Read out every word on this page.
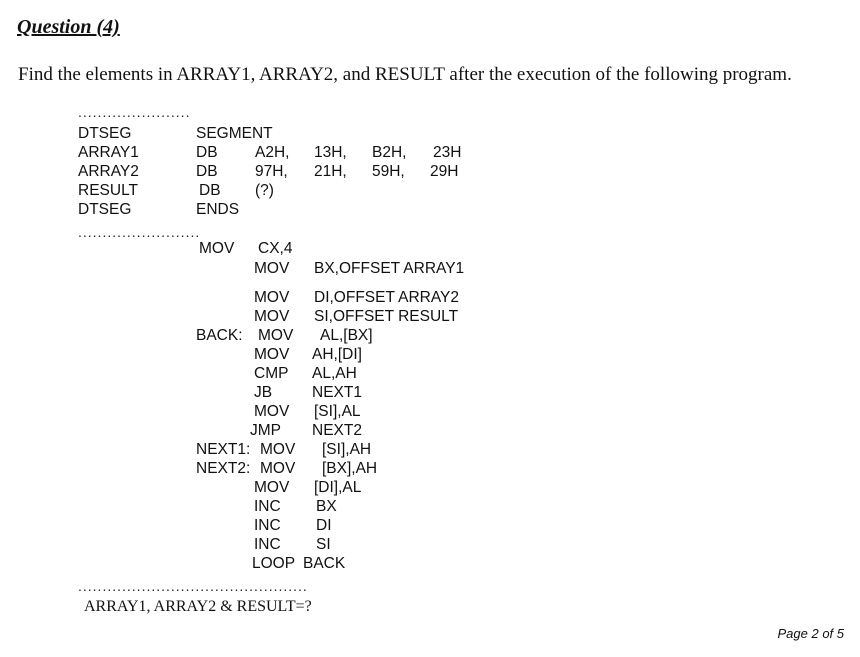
Question (4)
Find the elements in ARRAY1, ARRAY2, and RESULT after the execution of the following program.
.......................
DTSEG	SEGMENT
ARRAY1	DB A2H, 13H, B2H, 23H
ARRAY2	DB 97H, 21H, 59H, 29H
RESULT	DB (?)
DTSEG	ENDS
.........................
MOV CX,4
MOV BX,OFFSET ARRAY1
MOV DI,OFFSET ARRAY2
MOV SI,OFFSET RESULT
BACK: MOV AL,[BX]
MOV AH,[DI]
CMP AL,AH
JB	NEXT1
MOV [SI],AL
JMP NEXT2
NEXT1: MOV [SI],AH
NEXT2: MOV [BX],AH
MOV [DI],AL
INC BX
INC DI
INC SI
LOOP BACK
...............................................
ARRAY1, ARRAY2 & RESULT=?
Page 2 of 5
